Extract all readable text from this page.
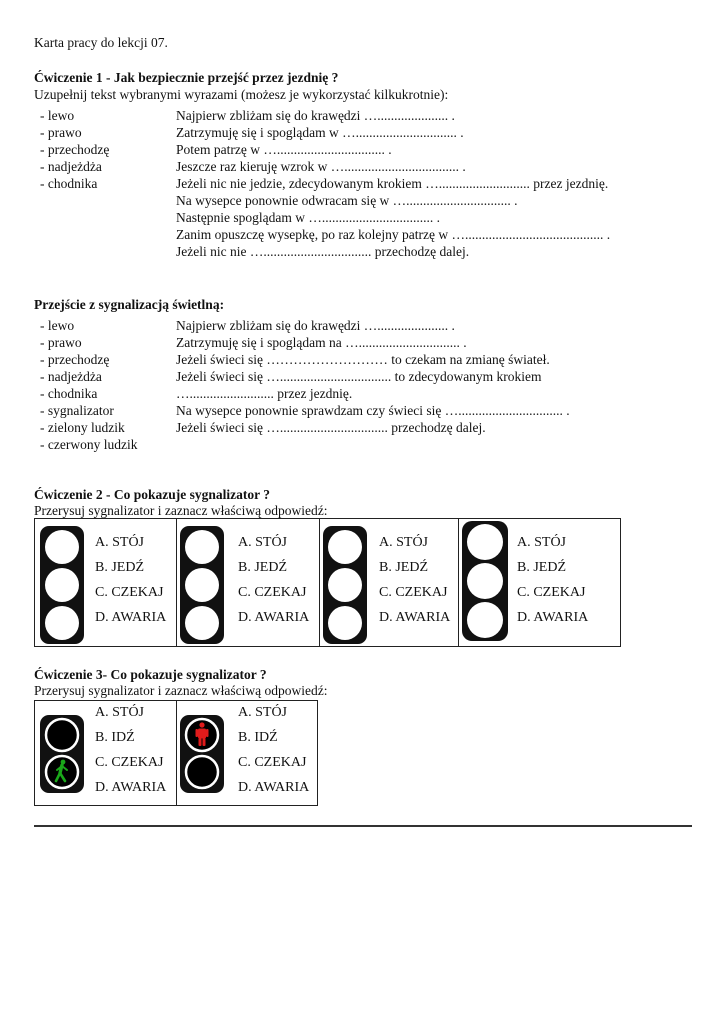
Karta pracy do lekcji 07.
Ćwiczenie 1 - Jak bezpiecznie przejść przez jezdnię ?
Uzupełnij tekst wybranymi wyrazami (możesz je wykorzystać kilkukrotnie):
- lewo
- prawo
- przechodzę
- nadjeżdża
- chodnika
Najpierw zbliżam się do krawędzi …..................... .
Zatrzymuję się i spoglądam w ….............................. .
Potem patrzę w …................................ .
Jeszcze raz kieruję wzrok w ….................................. .
Jeżeli nic nie jedzie, zdecydowanym krokiem …........................... przez jezdnię.
Na wysepce ponownie odwracam się w …............................... .
Następnie spoglądam w …................................. .
Zanim opuszczę wysepkę, po raz kolejny patrzę w …......................................... .
Jeżeli nic nie …................................ przechodzę dalej.
Przejście z sygnalizacją świetlną:
- lewo
- prawo
- przechodzę
- nadjeżdża
- chodnika
- sygnalizator
- zielony ludzik
- czerwony ludzik
Najpierw zbliżam się do krawędzi …..................... .
Zatrzymuję się i spoglądam na ….............................. .
Jeżeli świeci się ……………………… to czekam na zmianę świateł.
Jeżeli świeci się …................................. to zdecydowanym krokiem
…......................... przez jezdnię.
Na wysepce ponownie sprawdzam czy świeci się …............................... .
Jeżeli świeci się …................................ przechodzę dalej.
Ćwiczenie 2 - Co pokazuje sygnalizator ?
Przerysuj sygnalizator i zaznacz właściwą odpowiedź:
A. STÓJ
B. JEDŹ
C. CZEKAJ
D. AWARIA
A. STÓJ
B. JEDŹ
C. CZEKAJ
D. AWARIA
A. STÓJ
B. JEDŹ
C. CZEKAJ
D. AWARIA
A. STÓJ
B. JEDŹ
C. CZEKAJ
D. AWARIA
Ćwiczenie 3- Co pokazuje sygnalizator ?
Przerysuj sygnalizator i zaznacz właściwą odpowiedź:
A. STÓJ
B. IDŹ
C. CZEKAJ
D. AWARIA
A. STÓJ
B. IDŹ
C. CZEKAJ
D. AWARIA
